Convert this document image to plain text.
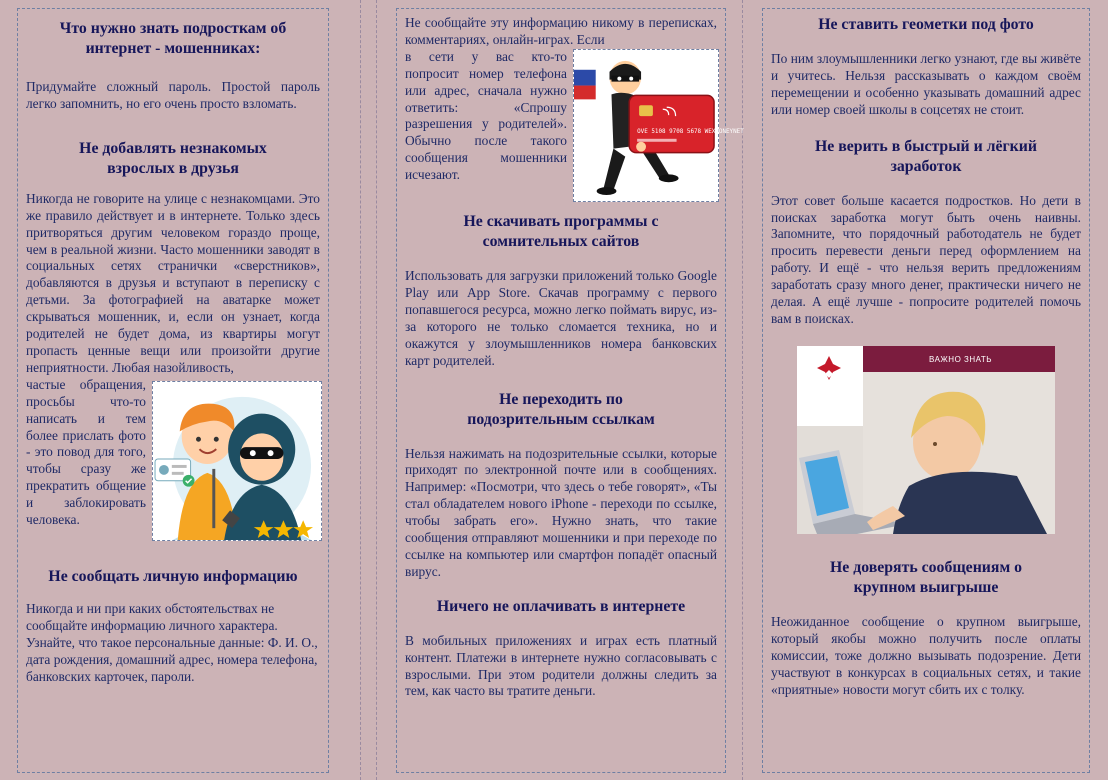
Что нужно знать подросткам об интернет - мошенниках:

Придумайте сложный пароль. Простой пароль легко запомнить, но его очень просто взломать.

Не добавлять незнакомых взрослых в друзья

Никогда не говорите на улице с незнакомцами. Это же правило действует и в интернете. Только здесь притворяться другим человеком гораздо проще, чем в реальной жизни. Часто мошенники заводят в социальных сетях странички «сверстников», добавляются в друзья и вступают в переписку с детьми. За фотографией на аватарке может скрываться мошенник, и, если он узнает, когда родителей не будет дома, из квартиры могут пропасть ценные вещи или произойти другие неприятности. Любая назойливость,

частые обращения, просьбы что-то написать и тем более прислать фото - это повод для того, чтобы сразу же прекратить общение и заблокировать человека.

Не сообщать личную информацию

Никогда и ни при каких обстоятельствах не сообщайте информацию личного характера. Узнайте, что такое персональные данные: Ф. И. О., дата рождения, домашний адрес, номера телефона, банковских карточек, пароли.

Не сообщайте эту информацию никому в переписках, комментариях, онлайн-играх. Если

OVE 5108 9708 5678 WEXMONEYNET

в сети у вас кто-то попросит номер телефона или адрес, сначала нужно ответить: «Спрошу разрешения у родителей». Обычно после такого сообщения мошенники исчезают.

Не скачивать программы с сомнительных сайтов

Использовать для загрузки приложений только Google Play или App Store. Скачав программу с первого попавшегося ресурса, можно легко поймать вирус, из-за которого не только сломается техника, но и окажутся у злоумышленников номера банковских карт родителей.

Не переходить по подозрительным ссылкам

Нельзя нажимать на подозрительные ссылки, которые приходят по электронной почте или в сообщениях. Например: «Посмотри, что здесь о тебе говорят», «Ты стал обладателем нового iPhone - переходи по ссылке, чтобы забрать его». Нужно знать, что такие сообщения отправляют мошенники и при переходе по ссылке на компьютер или смартфон попадёт опасный вирус.

Ничего не оплачивать в интернете

В мобильных приложениях и играх есть платный контент. Платежи в интернете нужно согласовывать с взрослыми. При этом родители должны следить за тем, как часто вы тратите деньги.

Не ставить геометки под фото

По ним злоумышленники легко узнают, где вы живёте и учитесь. Нельзя рассказывать о каждом своём перемещении и особенно указывать домашний адрес или номер своей школы в соцсетях не стоит.

Не верить в быстрый и лёгкий заработок

Этот совет больше касается подростков. Но дети в поисках заработка могут быть очень наивны. Запомните, что порядочный работодатель не будет просить перевести деньги перед оформлением на работу. И ещё - что нельзя верить предложениям заработать сразу много денег, практически ничего не делая. А ещё лучше - попросите родителей помочь вам в поисках.

ВАЖНО ЗНАТЬ
Не доверять сообщениям о крупном выигрыше

Неожиданное сообщение о крупном выигрыше, который якобы можно получить после оплаты комиссии, тоже должно вызывать подозрение. Дети участвуют в конкурсах в социальных сетях, и такие «приятные» новости могут сбить их с толку.
